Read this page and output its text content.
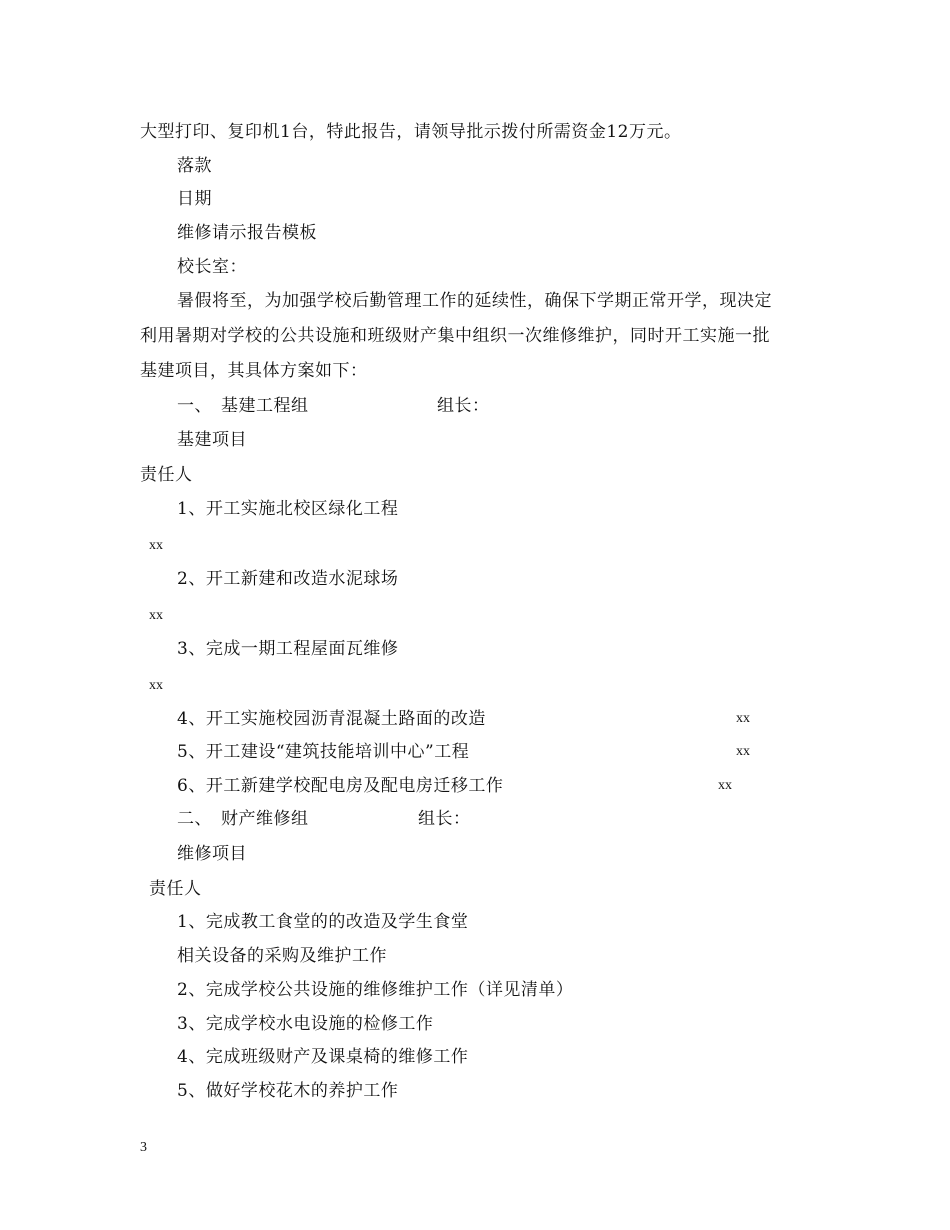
大型打印、复印机1台，特此报告，请领导批示拨付所需资金12万元。
落款
日期
维修请示报告模板
校长室：
暑假将至，为加强学校后勤管理工作的延续性，确保下学期正常开学，现决定
利用暑期对学校的公共设施和班级财产集中组织一次维修维护，同时开工实施一批
基建项目，其具体方案如下：
一、　基建工程组	组长：
基建项目
责任人
1、开工实施北校区绿化工程
xx
2、开工新建和改造水泥球场
xx
3、完成一期工程屋面瓦维修
xx
4、开工实施校园沥青混凝土路面的改造	xx
5、开工建设“建筑技能培训中心”工程	xx
6、开工新建学校配电房及配电房迁移工作	xx
二、　财产维修组	组长：
维修项目
责任人
1、完成教工食堂的的改造及学生食堂
相关设备的采购及维护工作
2、完成学校公共设施的维修维护工作（详见清单）
3、完成学校水电设施的检修工作
4、完成班级财产及课桌椅的维修工作
5、做好学校花木的养护工作
3
